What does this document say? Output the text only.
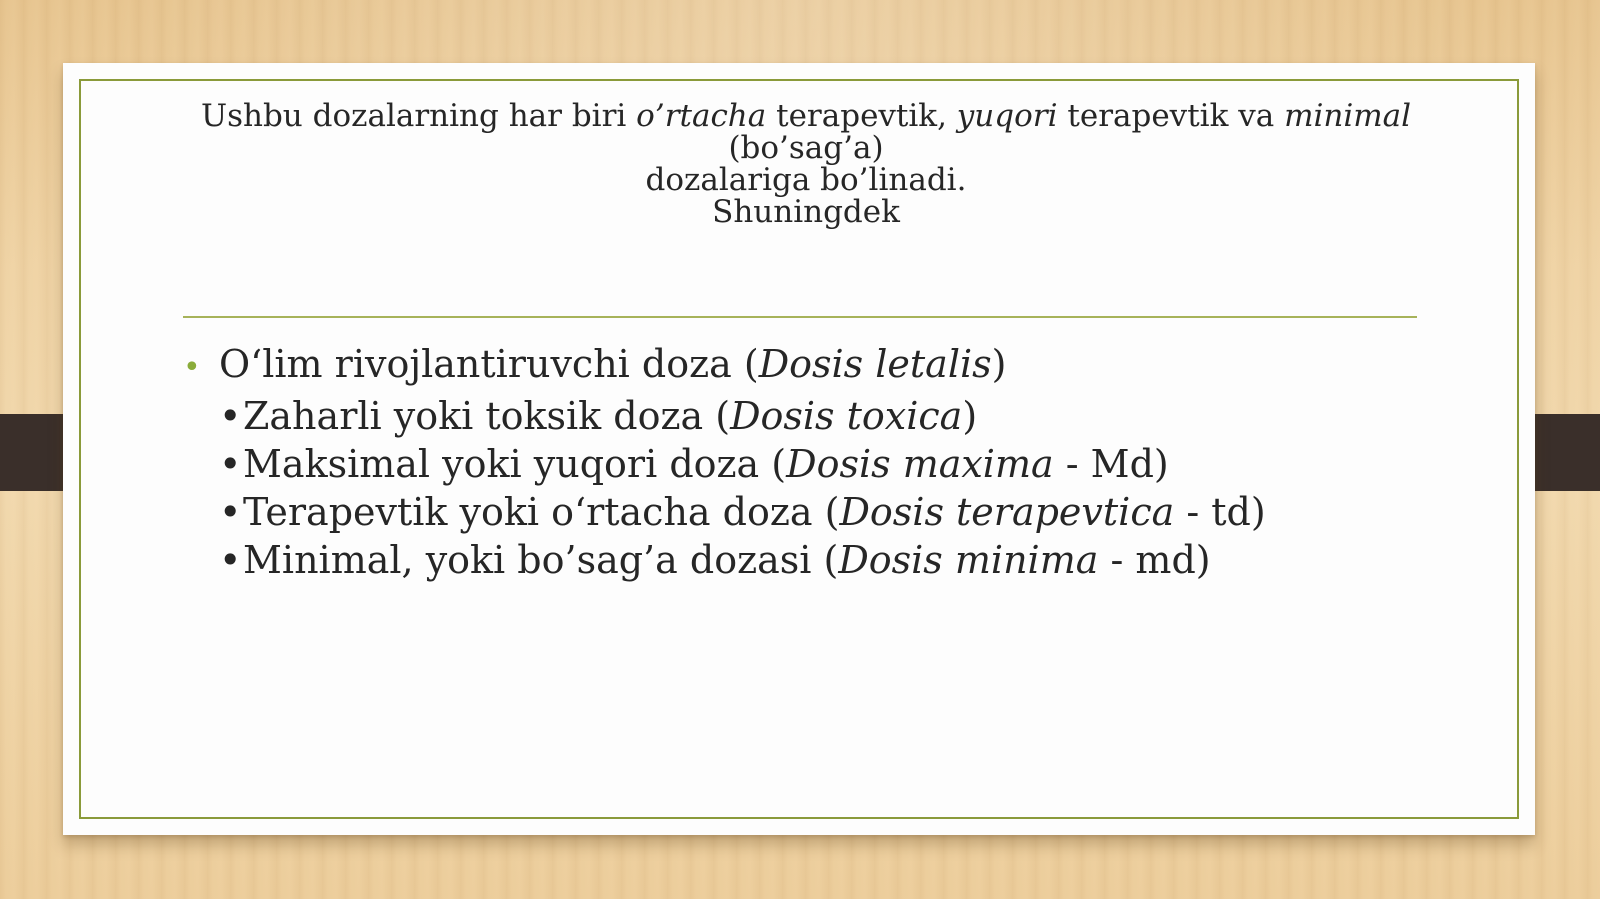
Ushbu dozalarning har biri o’rtacha terapevtik, yuqori terapevtik va minimal
(bo’sag’a)
dozalariga bo’linadi.
Shuningdek
• O‘lim rivojlantiruvchi doza (Dosis letalis)
•Zaharli yoki toksik doza (Dosis toxica)
•Maksimal yoki yuqori doza (Dosis maxima - Md)
•Terapevtik yoki o‘rtacha doza (Dosis terapevtica - td)
•Minimal, yoki bo’sag’a dozasi (Dosis minima - md)
